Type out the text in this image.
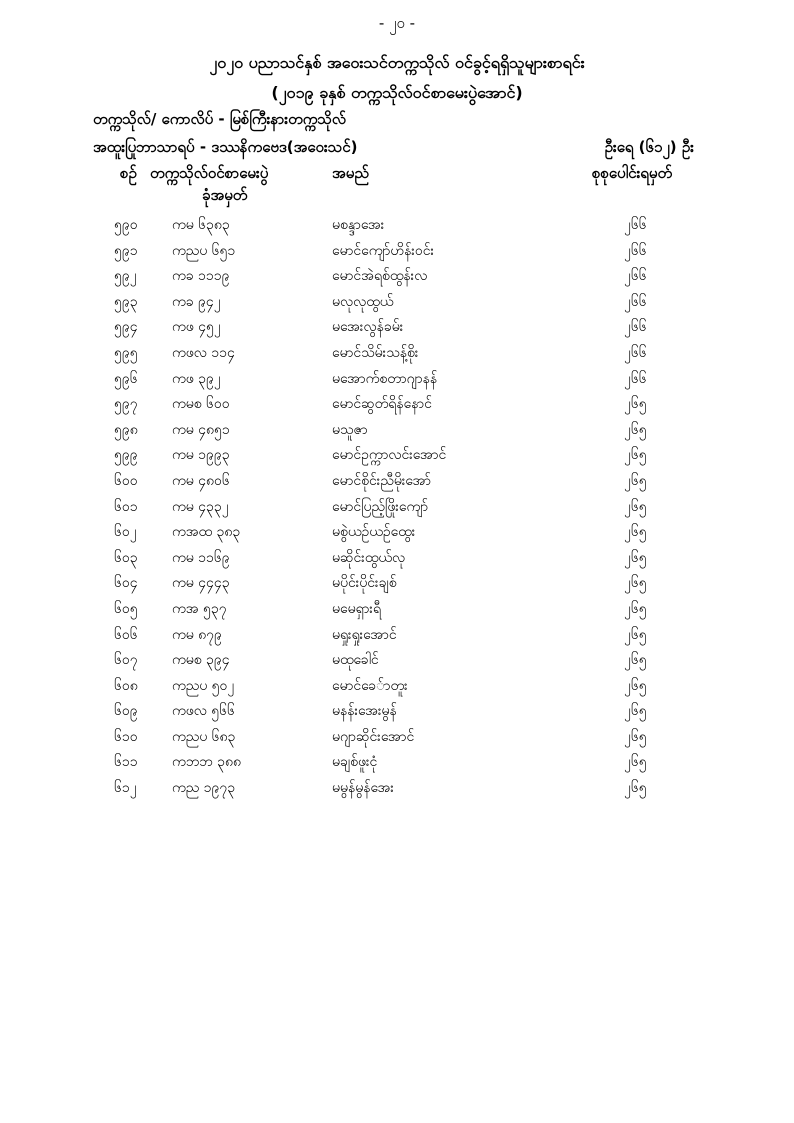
- ၂၀ -
၂၀၂၀ ပညာသင်နှစ် အဝေးသင်တက္ကသိုလ် ဝင်ခွင့်ရရှိသူများစာရင်း
(၂၀၁၉ ခုနှစ် တက္ကသိုလ်ဝင်စာမေးပွဲအောင်)
တက္ကသိုလ်/ ကောလိပ် - မြစ်ကြီးနားတက္ကသိုလ်
အထူးပြုဘာသာရပ် - ဒဿနိကဗေဒ(အဝေးသင်)	ဦးရေ (၆၁၂) ဦး
စဉ် တက္ကသိုလ်ဝင်စာမေးပွဲ
ခုံအမှတ်
အမည်	စုစုပေါင်းရမှတ်
၅၉၀ ကမ ၆၃၈၃	မစန္ဒာအေး	၂၆၆
၅၉၁ ကညပ ၆၅၁	မောင်ကျော်ဟိန်းဝင်း	၂၆၆
၅၉၂	ကခ ၁၁၁၉	မောင်အဲရစ်ထွန်းလ	၂၆၆
၅၉၃ ကခ ၉၄၂	မလုလုထွယ်	၂၆၆
၅၉၄ ကဖ ၄၅၂	မအေးလွန်ခမ်း	၂၆၆
၅၉၅ ကဖလ ၁၁၄	မောင်သိမ်းသန့်စိုး	၂၆၆
၅၉၆ ကဖ ၃၉၂	မအောက်စတာဂျာနန်	၂၆၆
၅၉၇ ကမစ ၆၀၀	မောင်ဆွတ်ရိန်နောင်	၂၆၅
၅၉၈ ကမ ၄၈၅၁	မသူဇာ	၂၆၅
၅၉၉ ကမ ၁၉၉၃	မောင်ဥက္ကာလင်းအောင်	၂၆၅
၆၀၀ ကမ ၄၈၀၆	မောင်စိုင်းညီမိုးအော်	၂၆၅
၆၀၁ ကမ ၄၃၃၂	မောင်ပြည့်ဖြိုးကျော်	၂၆၅
၆၀၂	ကအထ ၃၈၃	မစွဲယဉ်ယဉ်ထွေး	၂၆၅
၆၀၃ ကမ ၁၁၆၉	မဆိုင်းထွယ်လု	၂၆၅
၆၀၄ ကမ ၄၄၄၃	မပိုင်းပိုင်းချစ်	၂၆၅
၆၀၅ ကအ ၅၃၇	မမေရှားရီ	၂၆၅
၆၀၆ ကမ ၈၇၉	မရှုးရှုးအောင်	၂၆၅
၆၀၇ ကမစ ၃၉၄	မထုခေါင်	၂၆၅
၆၀၈ ကညပ ၅၀၂	မောင်ခေ်ာတူး	၂၆၅
၆၀၉ ကဖလ ၅၆၆	မနန်းအေးမွန်	၂၆၅
၆၁၀ ကညပ ၆၈၃	မဂျာဆိုင်းအောင်	၂၆၅
၆၁၁ ကဘဘ ၃၈၈	မချစ်ဖူးငုံ	၂၆၅
၆၁၂	ကည ၁၉၇၃	မမွန်မွန်အေး	၂၆၅
